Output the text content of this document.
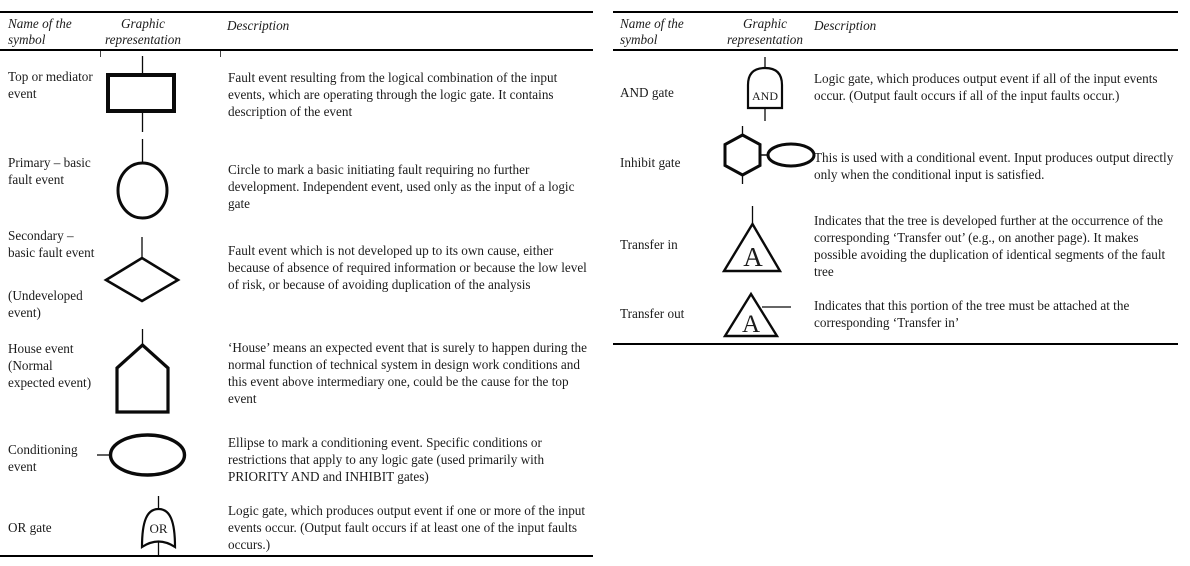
Name of the symbol
Graphic representation
Description
Top or mediator event
Fault event resulting from the logical combination of the input events, which are operating through the logic gate. It contains description of the event
Primary – basic fault event
Circle to mark a basic initiating fault requiring no further development. Independent event, used only as the input of a logic gate
Secondary – basic fault event
(Undeveloped event)
Fault event which is not developed up to its own cause, either because of absence of required information or because the low level of risk, or because of avoiding duplication of the analysis
House event (Normal expected event)
‘House’ means an expected event that is surely to happen during the normal function of technical system in design work conditions and this event above intermediary one, could be the cause for the top event
Conditioning event
Ellipse to mark a conditioning event. Specific conditions or restrictions that apply to any logic gate (used primarily with PRIORITY AND and INHIBIT gates)
OR gate
Logic gate, which produces output event if one or more of the input events occur. (Output fault occurs if at least one of the input faults occurs.)
OR
Name of the symbol
Graphic representation
Description
AND gate
Logic gate, which produces output event if all of the input events occur. (Output fault occurs if all of the input faults occur.)
Inhibit gate	This is used with a conditional event. Input produces output directly only when the conditional input is satisfied.
Transfer in
Indicates that the tree is developed further at the occurrence of the corresponding ‘Transfer out’ (e.g., on another page). It makes possible avoiding the duplication of identical segments of the fault tree
Transfer out
Indicates that this portion of the tree must be attached at the corresponding ‘Transfer in’
AND
A
A
